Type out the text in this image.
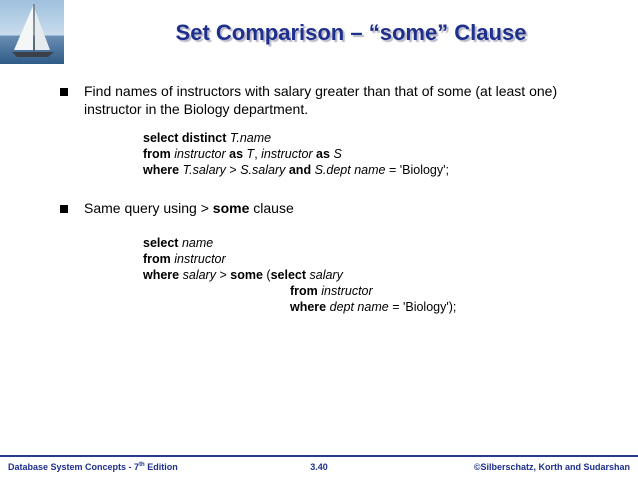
Set Comparison – “some” Clause
Find names of instructors with salary greater than that of some (at least one) instructor in the Biology department.
select distinct T.name
from instructor as T, instructor as S
where T.salary > S.salary and S.dept name = 'Biology';
Same query using > some clause
select name
from instructor
where salary > some (select salary
from instructor
where dept name = 'Biology');
Database System Concepts - 7th Edition	3.40	©Silberschatz, Korth and Sudarshan
